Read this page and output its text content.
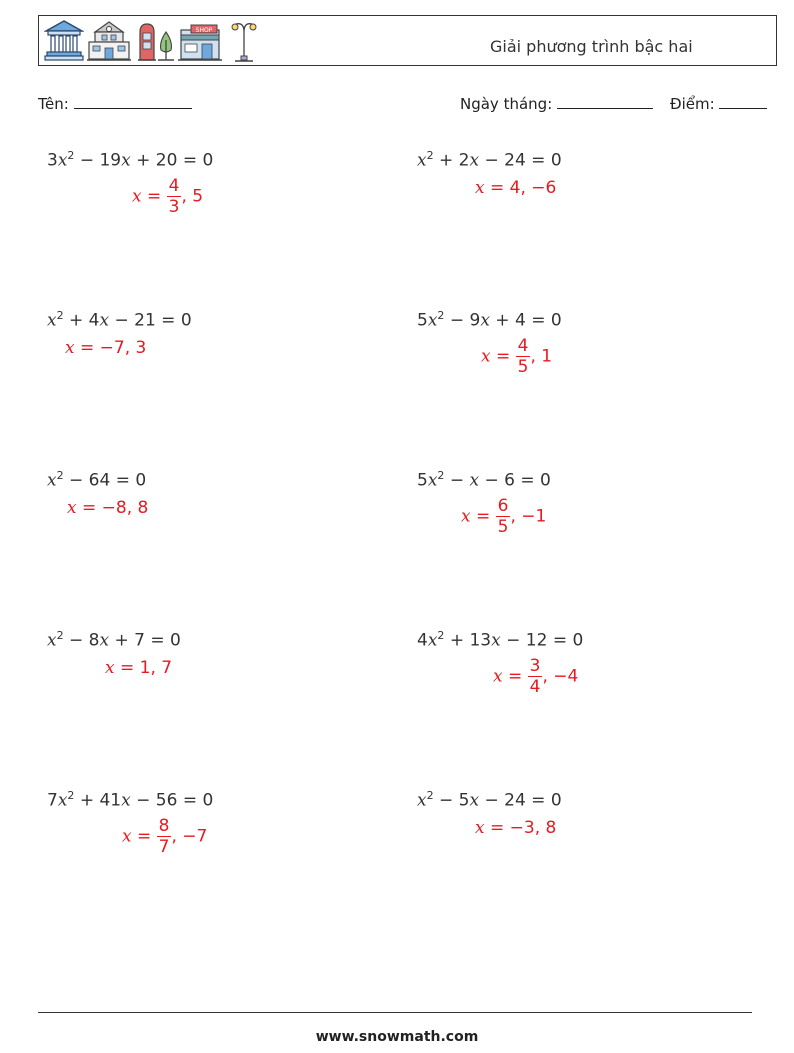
SHOP
Giải phương trình bậc hai
Tên:	Ngày tháng:	Điểm:
$3x^2 - 19x + 20 = 0$
$x = \frac{4}{3}$ , 5
$x^2 + 2x - 24 = 0$
x = 4, −6
$x^2 + 4x - 21 = 0$
x = −7, 3
$5x^2 - 9x + 4 = 0$
$x = \frac{4}{5}$ , 1
$x^2 - 64 = 0$
x = −8, 8
$5x^2 - x - 6 = 0$
$x = \frac{6}{5}$ , −1
$x^2 - 8x + 7 = 0$
x = 1, 7
$4x^2 + 13x - 12 = 0$
$x = \frac{3}{4}$ , −4
$7x^2 + 41x - 56 = 0$
$x = \frac{8}{7}$ , −7
$x^2 - 5x - 24 = 0$
x = −3, 8
www.snowmath.com
